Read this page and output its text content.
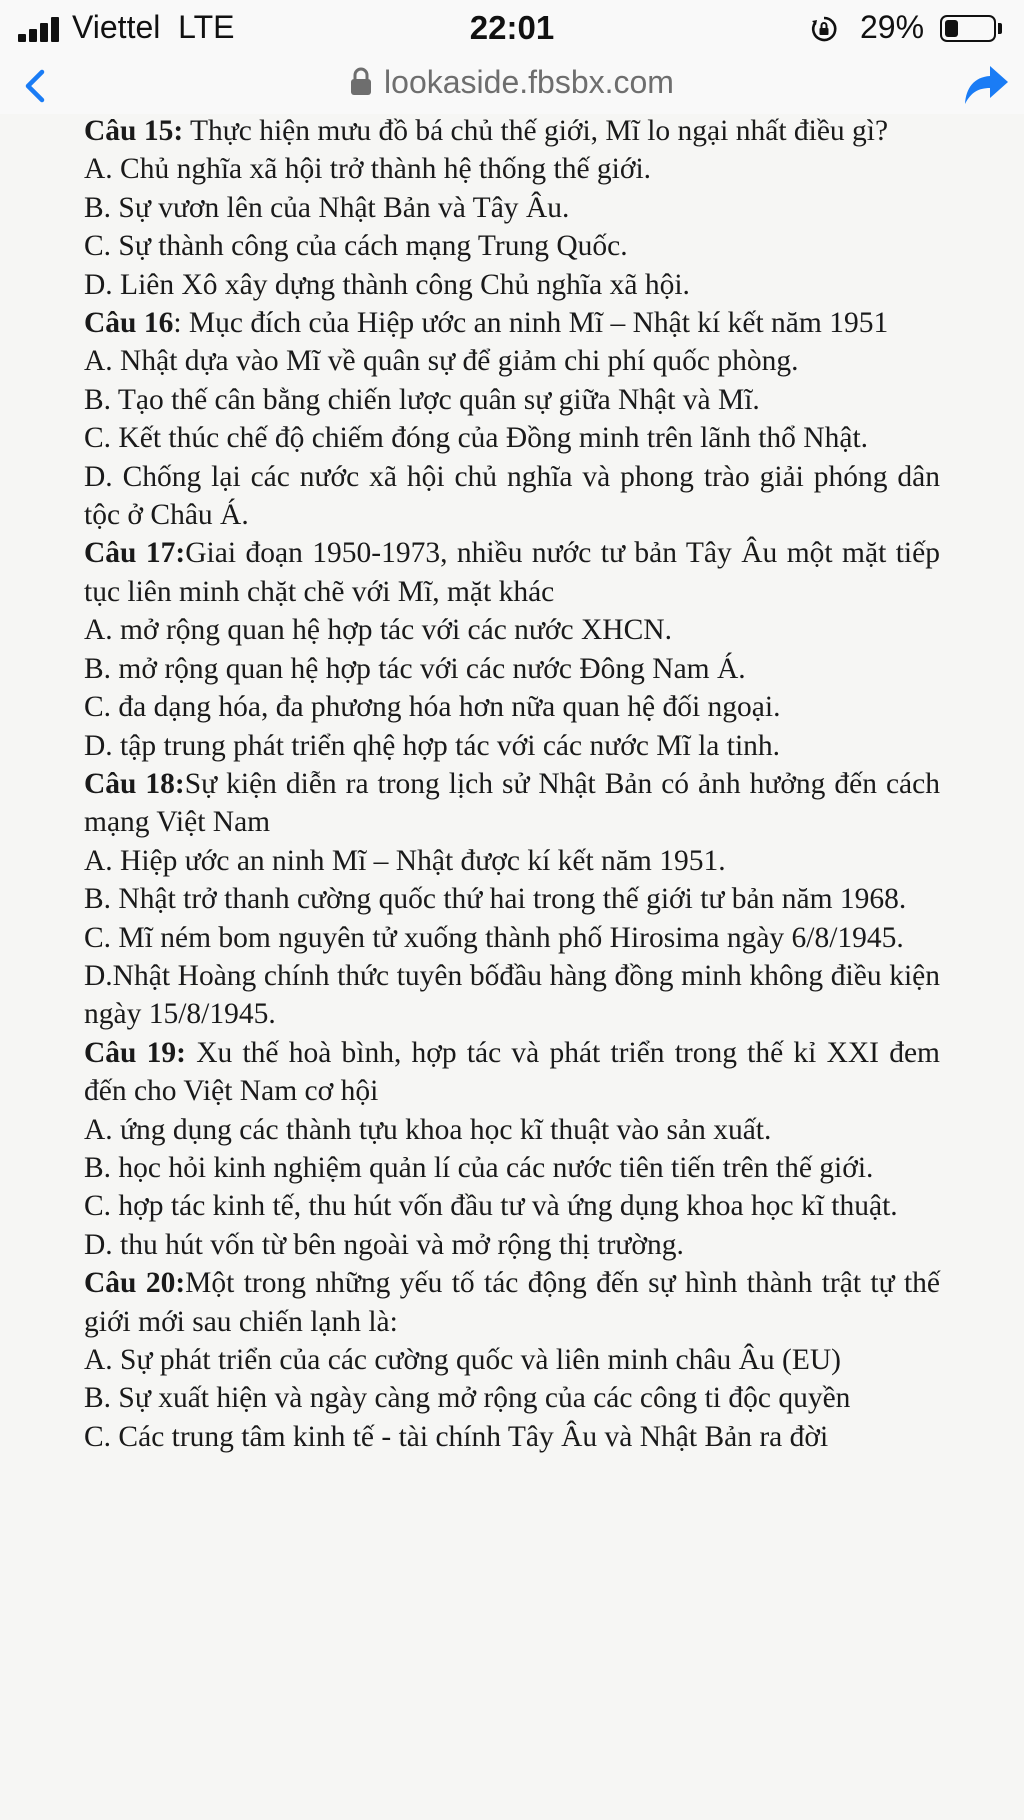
Viettel LTE	22:01	29%
lookaside.fbsbx.com

Câu 15: Thực hiện mưu đồ bá chủ thế giới, Mĩ lo ngại nhất điều gì?

A. Chủ nghĩa xã hội trở thành hệ thống thế giới.

B. Sự vươn lên của Nhật Bản và Tây Âu.

C. Sự thành công của cách mạng Trung Quốc.

D. Liên Xô xây dựng thành công Chủ nghĩa xã hội.

Câu 16: Mục đích của Hiệp ước an ninh Mĩ – Nhật kí kết năm 1951

A. Nhật dựa vào Mĩ về quân sự để giảm chi phí quốc phòng.

B. Tạo thế cân bằng chiến lược quân sự giữa Nhật và Mĩ.

C. Kết thúc chế độ chiếm đóng của Đồng minh trên lãnh thổ Nhật.

D. Chống lại các nước xã hội chủ nghĩa và phong trào giải phóng dân tộc ở Châu Á.

Câu 17:Giai đoạn 1950-1973, nhiều nước tư bản Tây Âu một mặt tiếp tục liên minh chặt chẽ với Mĩ, mặt khác

A. mở rộng quan hệ hợp tác với các nước XHCN.

B. mở rộng quan hệ hợp tác với các nước Đông Nam Á.

C. đa dạng hóa, đa phương hóa hơn nữa quan hệ đối ngoại.

D. tập trung phát triển qhệ hợp tác với các nước Mĩ la tinh.

Câu 18:Sự kiện diễn ra trong lịch sử Nhật Bản có ảnh hưởng đến cách mạng Việt Nam

A. Hiệp ước an ninh Mĩ – Nhật được kí kết năm 1951.

B. Nhật trở thanh cường quốc thứ hai trong thế giới tư bản năm 1968.

C. Mĩ ném bom nguyên tử xuống thành phố Hirosima ngày 6/8/1945.

D.Nhật Hoàng chính thức tuyên bốđầu hàng đồng minh không điều kiện ngày 15/8/1945.

Câu 19: Xu thế hoà bình, hợp tác và phát triển trong thế kỉ XXI đem đến cho Việt Nam cơ hội

A. ứng dụng các thành tựu khoa học kĩ thuật vào sản xuất.

B. học hỏi kinh nghiệm quản lí của các nước tiên tiến trên thế giới.

C. hợp tác kinh tế, thu hút vốn đầu tư và ứng dụng khoa học kĩ thuật.

D. thu hút vốn từ bên ngoài và mở rộng thị trường.

Câu 20:Một trong những yếu tố tác động đến sự hình thành trật tự thế giới mới sau chiến lạnh là:

A. Sự phát triển của các cường quốc và liên minh châu Âu (EU)

B. Sự xuất hiện và ngày càng mở rộng của các công ti độc quyền

C. Các trung tâm kinh tế - tài chính Tây Âu và Nhật Bản ra đời
